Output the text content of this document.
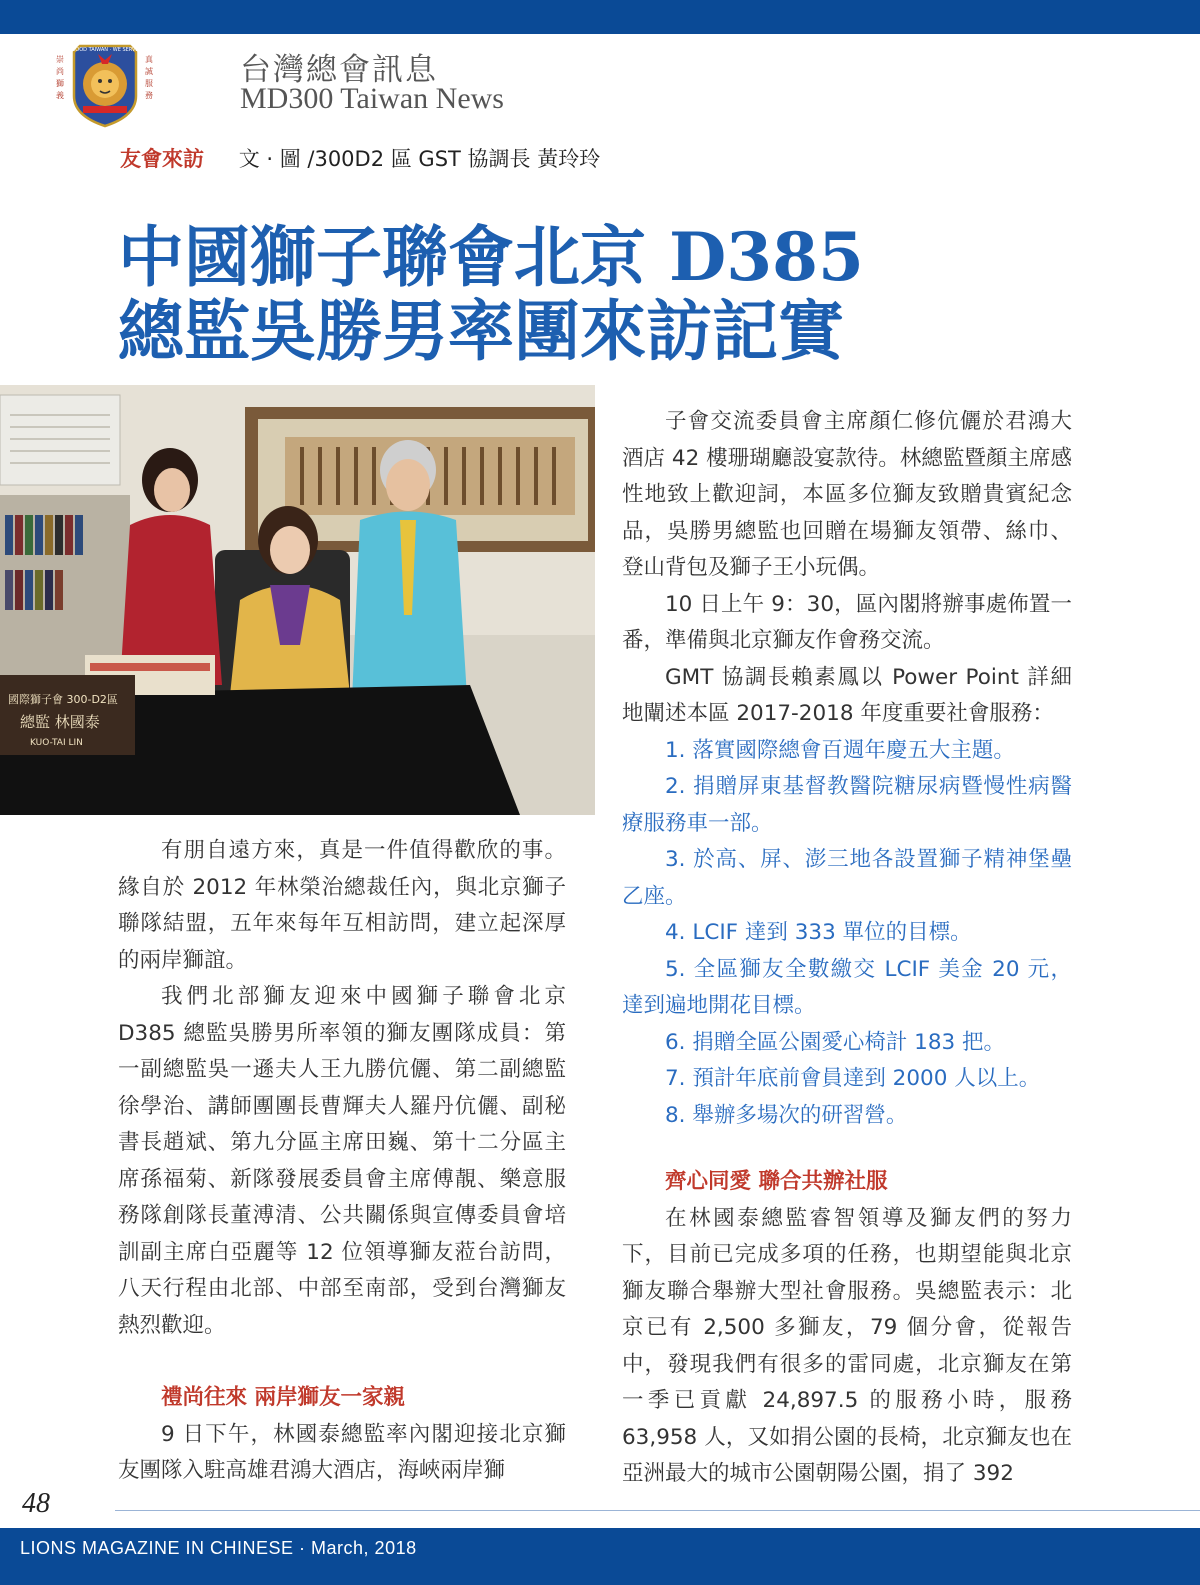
GOOD TAIWAN · WE SERVE
崇
尚
獅
義
真
誠
服
務
台灣總會訊息
MD300 Taiwan News
友會來訪 文 · 圖 /300D2 區 GST 協調長 黃玲玲
中國獅子聯會北京 D385
總監吳勝男率團來訪記實
國際獅子會 300-D2區
總監 林國泰
KUO-TAI LIN

有朋自遠方來，真是一件值得歡欣的事。緣自於 2012 年林榮治總裁任內，與北京獅子聯隊結盟，五年來每年互相訪問，建立起深厚的兩岸獅誼。

我們北部獅友迎來中國獅子聯會北京 D385 總監吳勝男所率領的獅友團隊成員：第一副總監吳一遜夫人王九勝伉儷、第二副總監徐學治、講師團團長曹輝夫人羅丹伉儷、副秘書長趙斌、第九分區主席田巍、第十二分區主席孫福菊、新隊發展委員會主席傅靚、樂意服務隊創隊長董溥清、公共關係與宣傳委員會培訓副主席白亞麗等 12 位領導獅友蒞台訪問，八天行程由北部、中部至南部，受到台灣獅友熱烈歡迎。

禮尚往來 兩岸獅友一家親

9 日下午，林國泰總監率內閣迎接北京獅友團隊入駐高雄君鴻大酒店，海峽兩岸獅

子會交流委員會主席顏仁修伉儷於君鴻大酒店 42 樓珊瑚廳設宴款待。林總監暨顏主席感性地致上歡迎詞，本區多位獅友致贈貴賓紀念品，吳勝男總監也回贈在場獅友領帶、絲巾、登山背包及獅子王小玩偶。

10 日上午 9：30，區內閣將辦事處佈置一番，準備與北京獅友作會務交流。

GMT 協調長賴素鳳以 Power Point 詳細地闡述本區 2017-2018 年度重要社會服務：

1. 落實國際總會百週年慶五大主題。

2. 捐贈屏東基督教醫院糖尿病暨慢性病醫療服務車一部。

3. 於高、屏、澎三地各設置獅子精神堡壘乙座。

4. LCIF 達到 333 單位的目標。

5. 全區獅友全數繳交 LCIF 美金 20 元，達到遍地開花目標。

6. 捐贈全區公園愛心椅計 183 把。

7. 預計年底前會員達到 2000 人以上。

8. 舉辦多場次的研習營。

齊心同愛 聯合共辦社服

在林國泰總監睿智領導及獅友們的努力下，目前已完成多項的任務，也期望能與北京獅友聯合舉辦大型社會服務。吳總監表示：北京已有 2,500 多獅友，79 個分會，從報告中，發現我們有很多的雷同處，北京獅友在第一季已貢獻 24,897.5 的服務小時，服務 63,958 人，又如捐公園的長椅，北京獅友也在亞洲最大的城市公園朝陽公園，捐了 392

48
LIONS MAGAZINE IN CHINESE · March, 2018
